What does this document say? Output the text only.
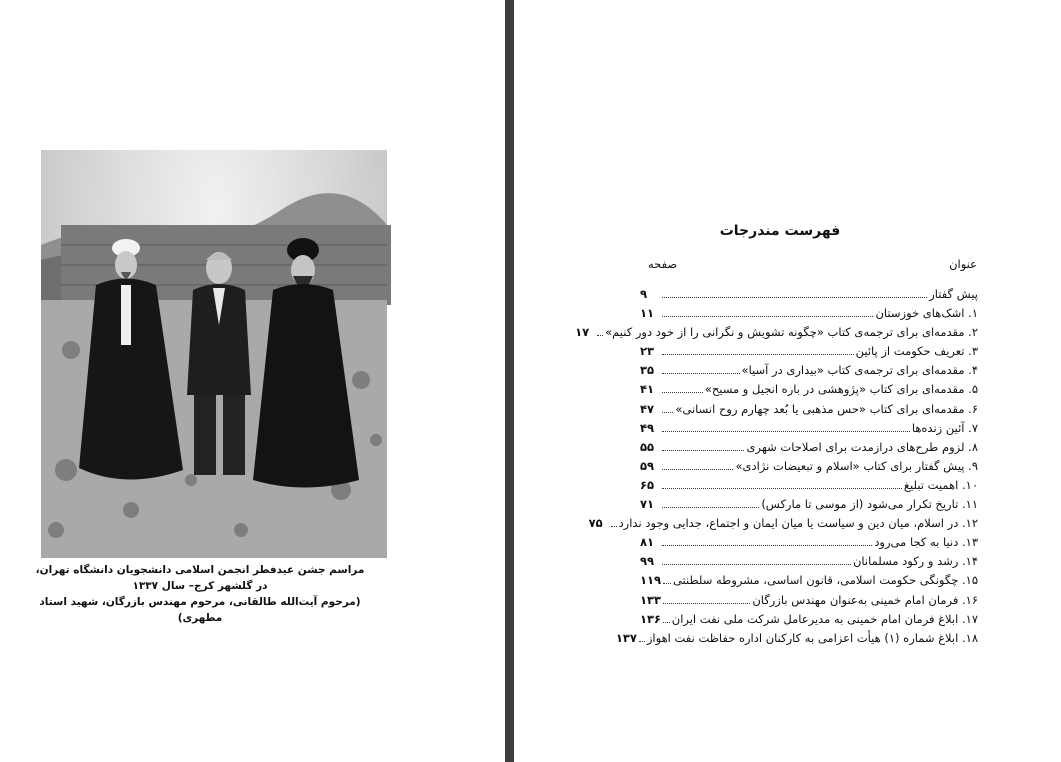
مراسم جشن عیدفطر انجمن اسلامی دانشجویان دانشگاه تهران، در گلشهر کرج– سال ۱۳۳۷
(مرحوم آیت‌الله طالقانی، مرحوم مهندس بازرگان، شهید استاد مطهری)
فهرست مندرجات
عنوان
صفحه
پیش گفتار
۹
۱. اشک‌های خوزستان
۱۱
۲. مقدمه‌ای برای ترجمه‌ی کتاب «چگونه تشویش و نگرانی را از خود دور کنیم»
۱۷
۳. تعریف حکومت از پائین
۲۳
۴. مقدمه‌ای برای ترجمه‌ی کتاب «بیداری در آسیا»
۳۵
۵. مقدمه‌ای برای کتاب «پژوهشی در باره انجیل و مسیح»
۴۱
۶. مقدمه‌ای برای کتاب «حس مذهبی یا بُعد چهارم روح انسانی»
۴۷
۷. آئین زنده‌ها
۴۹
۸. لزوم طرح‌های درازمدت برای اصلاحات شهری
۵۵
۹. پیش گفتار برای کتاب «اسلام و تبعیضات نژادی»
۵۹
۱۰. اهمیت تبلیغ
۶۵
۱۱. تاریخ تکرار می‌شود (از موسی تا مارکس)
۷۱
۱۲. در اسلام، میان دین و سیاست یا میان ایمان و اجتماع، جدایی وجود ندارد
۷۵
۱۳. دنیا به کجا می‌رود
۸۱
۱۴. رشد و رکود مسلمانان
۹۹
۱۵. چگونگی حکومت اسلامی، قانون اساسی، مشروطه سلطنتی
۱۱۹
۱۶. فرمان امام خمینی به‌عنوان مهندس بازرگان
۱۳۳
۱۷. ابلاغ فرمان امام خمینی به مدیرعامل شرکت ملی نفت ایران
۱۳۶
۱۸. ابلاغ شماره (۱) هیأت اعزامی به کارکنان اداره حفاظت نفت اهواز
۱۳۷
